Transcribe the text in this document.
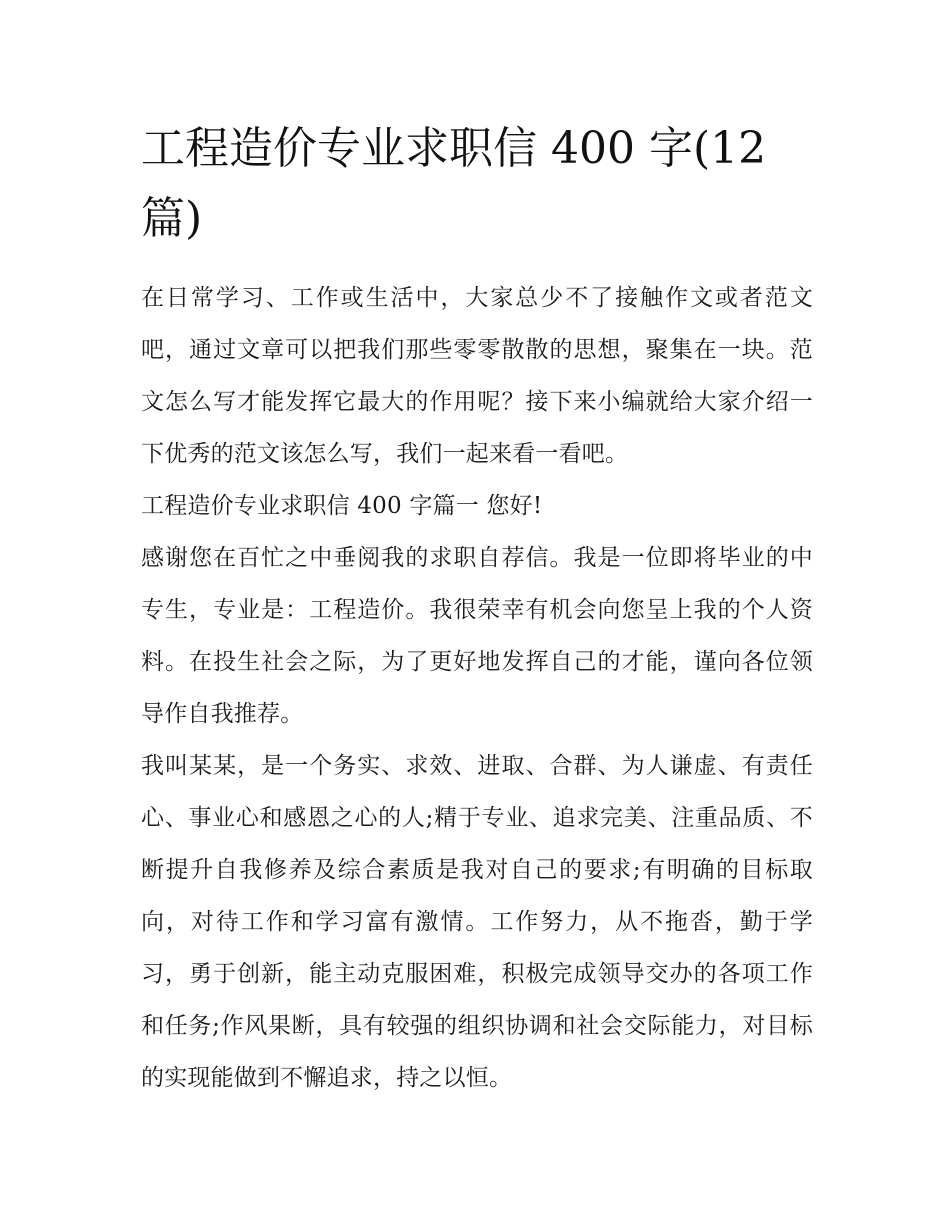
工程造价专业求职信 400 字(12 篇)

在日常学习、工作或生活中，大家总少不了接触作文或者范文吧，通过文章可以把我们那些零零散散的思想，聚集在一块。范文怎么写才能发挥它最大的作用呢？接下来小编就给大家介绍一下优秀的范文该怎么写，我们一起来看一看吧。

工程造价专业求职信 400 字篇一 您好!

感谢您在百忙之中垂阅我的求职自荐信。我是一位即将毕业的中专生，专业是：工程造价。我很荣幸有机会向您呈上我的个人资料。在投生社会之际，为了更好地发挥自己的才能，谨向各位领导作自我推荐。

我叫某某，是一个务实、求效、进取、合群、为人谦虚、有责任心、事业心和感恩之心的人;精于专业、追求完美、注重品质、不断提升自我修养及综合素质是我对自己的要求;有明确的目标取向，对待工作和学习富有激情。工作努力，从不拖沓，勤于学习，勇于创新，能主动克服困难，积极完成领导交办的各项工作和任务;作风果断，具有较强的组织协调和社会交际能力，对目标的实现能做到不懈追求，持之以恒。
